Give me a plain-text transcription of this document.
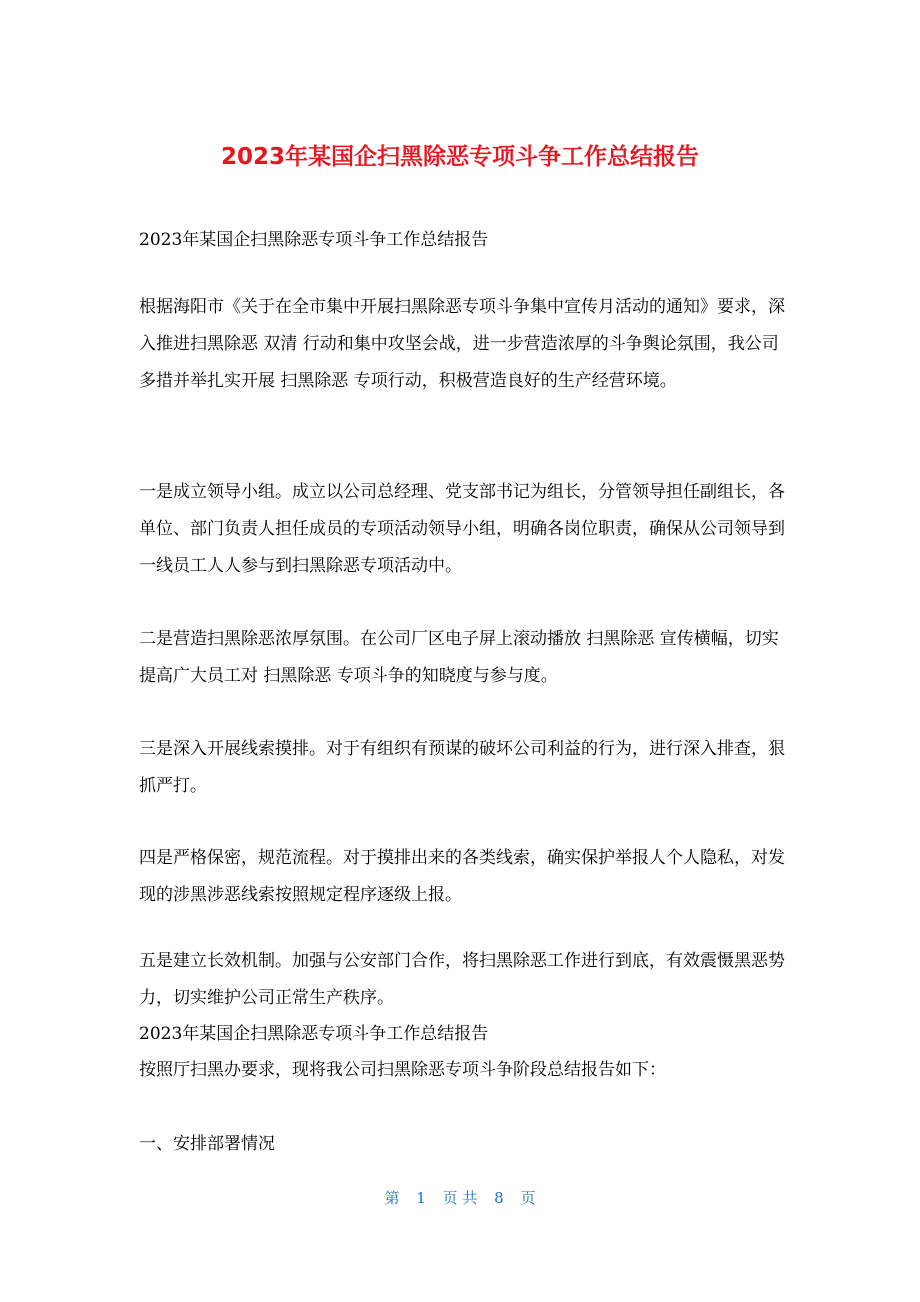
2023年某国企扫黑除恶专项斗争工作总结报告

2023年某国企扫黑除恶专项斗争工作总结报告

根据海阳市《关于在全市集中开展扫黑除恶专项斗争集中宣传月活动的通知》要求，深入推进扫黑除恶 双清 行动和集中攻坚会战，进一步营造浓厚的斗争舆论氛围，我公司多措并举扎实开展 扫黑除恶 专项行动，积极营造良好的生产经营环境。

一是成立领导小组。成立以公司总经理、党支部书记为组长，分管领导担任副组长，各单位、部门负责人担任成员的专项活动领导小组，明确各岗位职责，确保从公司领导到一线员工人人参与到扫黑除恶专项活动中。

二是营造扫黑除恶浓厚氛围。在公司厂区电子屏上滚动播放 扫黑除恶 宣传横幅，切实提高广大员工对 扫黑除恶 专项斗争的知晓度与参与度。

三是深入开展线索摸排。对于有组织有预谋的破坏公司利益的行为，进行深入排查，狠抓严打。

四是严格保密，规范流程。对于摸排出来的各类线索，确实保护举报人个人隐私，对发现的涉黑涉恶线索按照规定程序逐级上报。

五是建立长效机制。加强与公安部门合作，将扫黑除恶工作进行到底，有效震慑黑恶势力，切实维护公司正常生产秩序。

2023年某国企扫黑除恶专项斗争工作总结报告

按照厅扫黑办要求，现将我公司扫黑除恶专项斗争阶段总结报告如下：

一、安排部署情况

第 1 页 共 8 页
